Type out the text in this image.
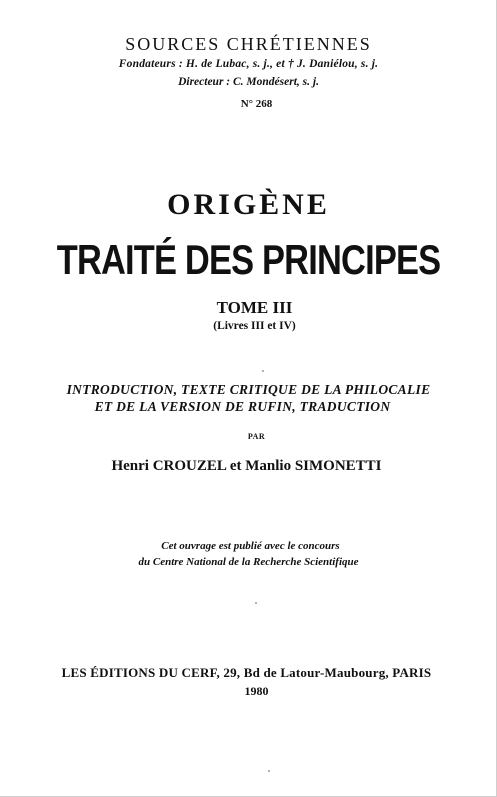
SOURCES CHRÉTIENNES
Fondateurs : H. de Lubac, s. j., et † J. Daniélou, s. j.
Directeur : C. Mondésert, s. j.
N° 268
ORIGÈNE
TRAITÉ DES PRINCIPES
TOME III
(Livres III et IV)
INTRODUCTION, TEXTE CRITIQUE DE LA PHILOCALIE
ET DE LA VERSION DE RUFIN, TRADUCTION
PAR
Henri CROUZEL et Manlio SIMONETTI
Cet ouvrage est publié avec le concours
du Centre National de la Recherche Scientifique
LES ÉDITIONS DU CERF, 29, Bd de Latour-Maubourg, PARIS
1980
